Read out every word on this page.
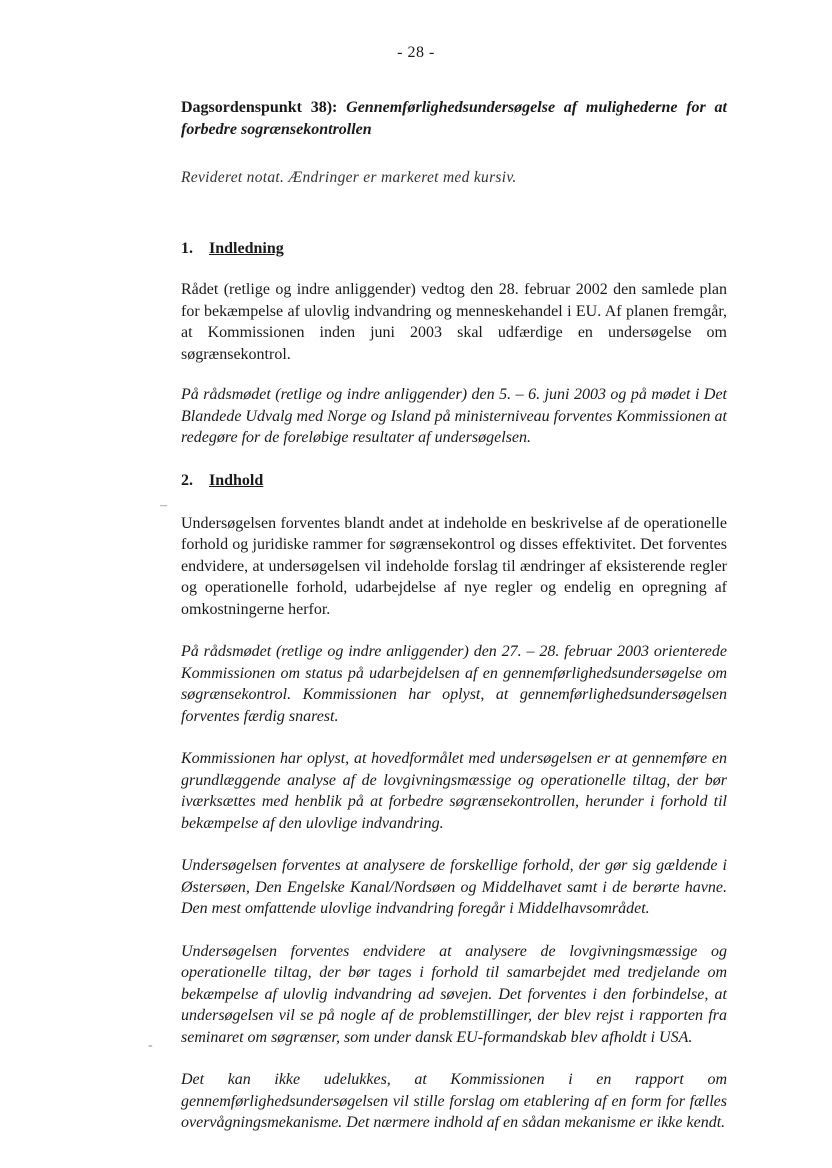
- 28 -

Dagsordenspunkt 38): Gennemførlighedsundersøgelse af mulighederne for at forbedre sogrænsekontrollen

Revideret notat. Ændringer er markeret med kursiv.
1. Indledning

Rådet (retlige og indre anliggender) vedtog den 28. februar 2002 den samlede plan for bekæmpelse af ulovlig indvandring og menneskehandel i EU. Af planen fremgår, at Kommissionen inden juni 2003 skal udfærdige en undersøgelse om søgrænsekontrol.

På rådsmødet (retlige og indre anliggender) den 5. – 6. juni 2003 og på mødet i Det Blandede Udvalg med Norge og Island på ministerniveau forventes Kommissionen at redegøre for de foreløbige resultater af undersøgelsen.

2. Indhold

Undersøgelsen forventes blandt andet at indeholde en beskrivelse af de operationelle forhold og juridiske rammer for søgrænsekontrol og disses effektivitet. Det forventes endvidere, at undersøgelsen vil indeholde forslag til ændringer af eksisterende regler og operationelle forhold, udarbejdelse af nye regler og endelig en opregning af omkostningerne herfor.

På rådsmødet (retlige og indre anliggender) den 27. – 28. februar 2003 orienterede Kommissionen om status på udarbejdelsen af en gennemførlighedsundersøgelse om søgrænsekontrol. Kommissionen har oplyst, at gennemførlighedsundersøgelsen forventes færdig snarest.

Kommissionen har oplyst, at hovedformålet med undersøgelsen er at gennemføre en grundlæggende analyse af de lovgivningsmæssige og operationelle tiltag, der bør iværksættes med henblik på at forbedre søgrænsekontrollen, herunder i forhold til bekæmpelse af den ulovlige indvandring.

Undersøgelsen forventes at analysere de forskellige forhold, der gør sig gældende i Østersøen, Den Engelske Kanal/Nordsøen og Middelhavet samt i de berørte havne. Den mest omfattende ulovlige indvandring foregår i Middelhavsområdet.

Undersøgelsen forventes endvidere at analysere de lovgivningsmæssige og operationelle tiltag, der bør tages i forhold til samarbejdet med tredjelande om bekæmpelse af ulovlig indvandring ad søvejen. Det forventes i den forbindelse, at undersøgelsen vil se på nogle af de problemstillinger, der blev rejst i rapporten fra seminaret om søgrænser, som under dansk EU-formandskab blev afholdt i USA.

Det kan ikke udelukkes, at Kommissionen i en rapport om gennemførlighedsundersøgelsen vil stille forslag om etablering af en form for fælles overvågningsmekanisme. Det nærmere indhold af en sådan mekanisme er ikke kendt.

–
-
